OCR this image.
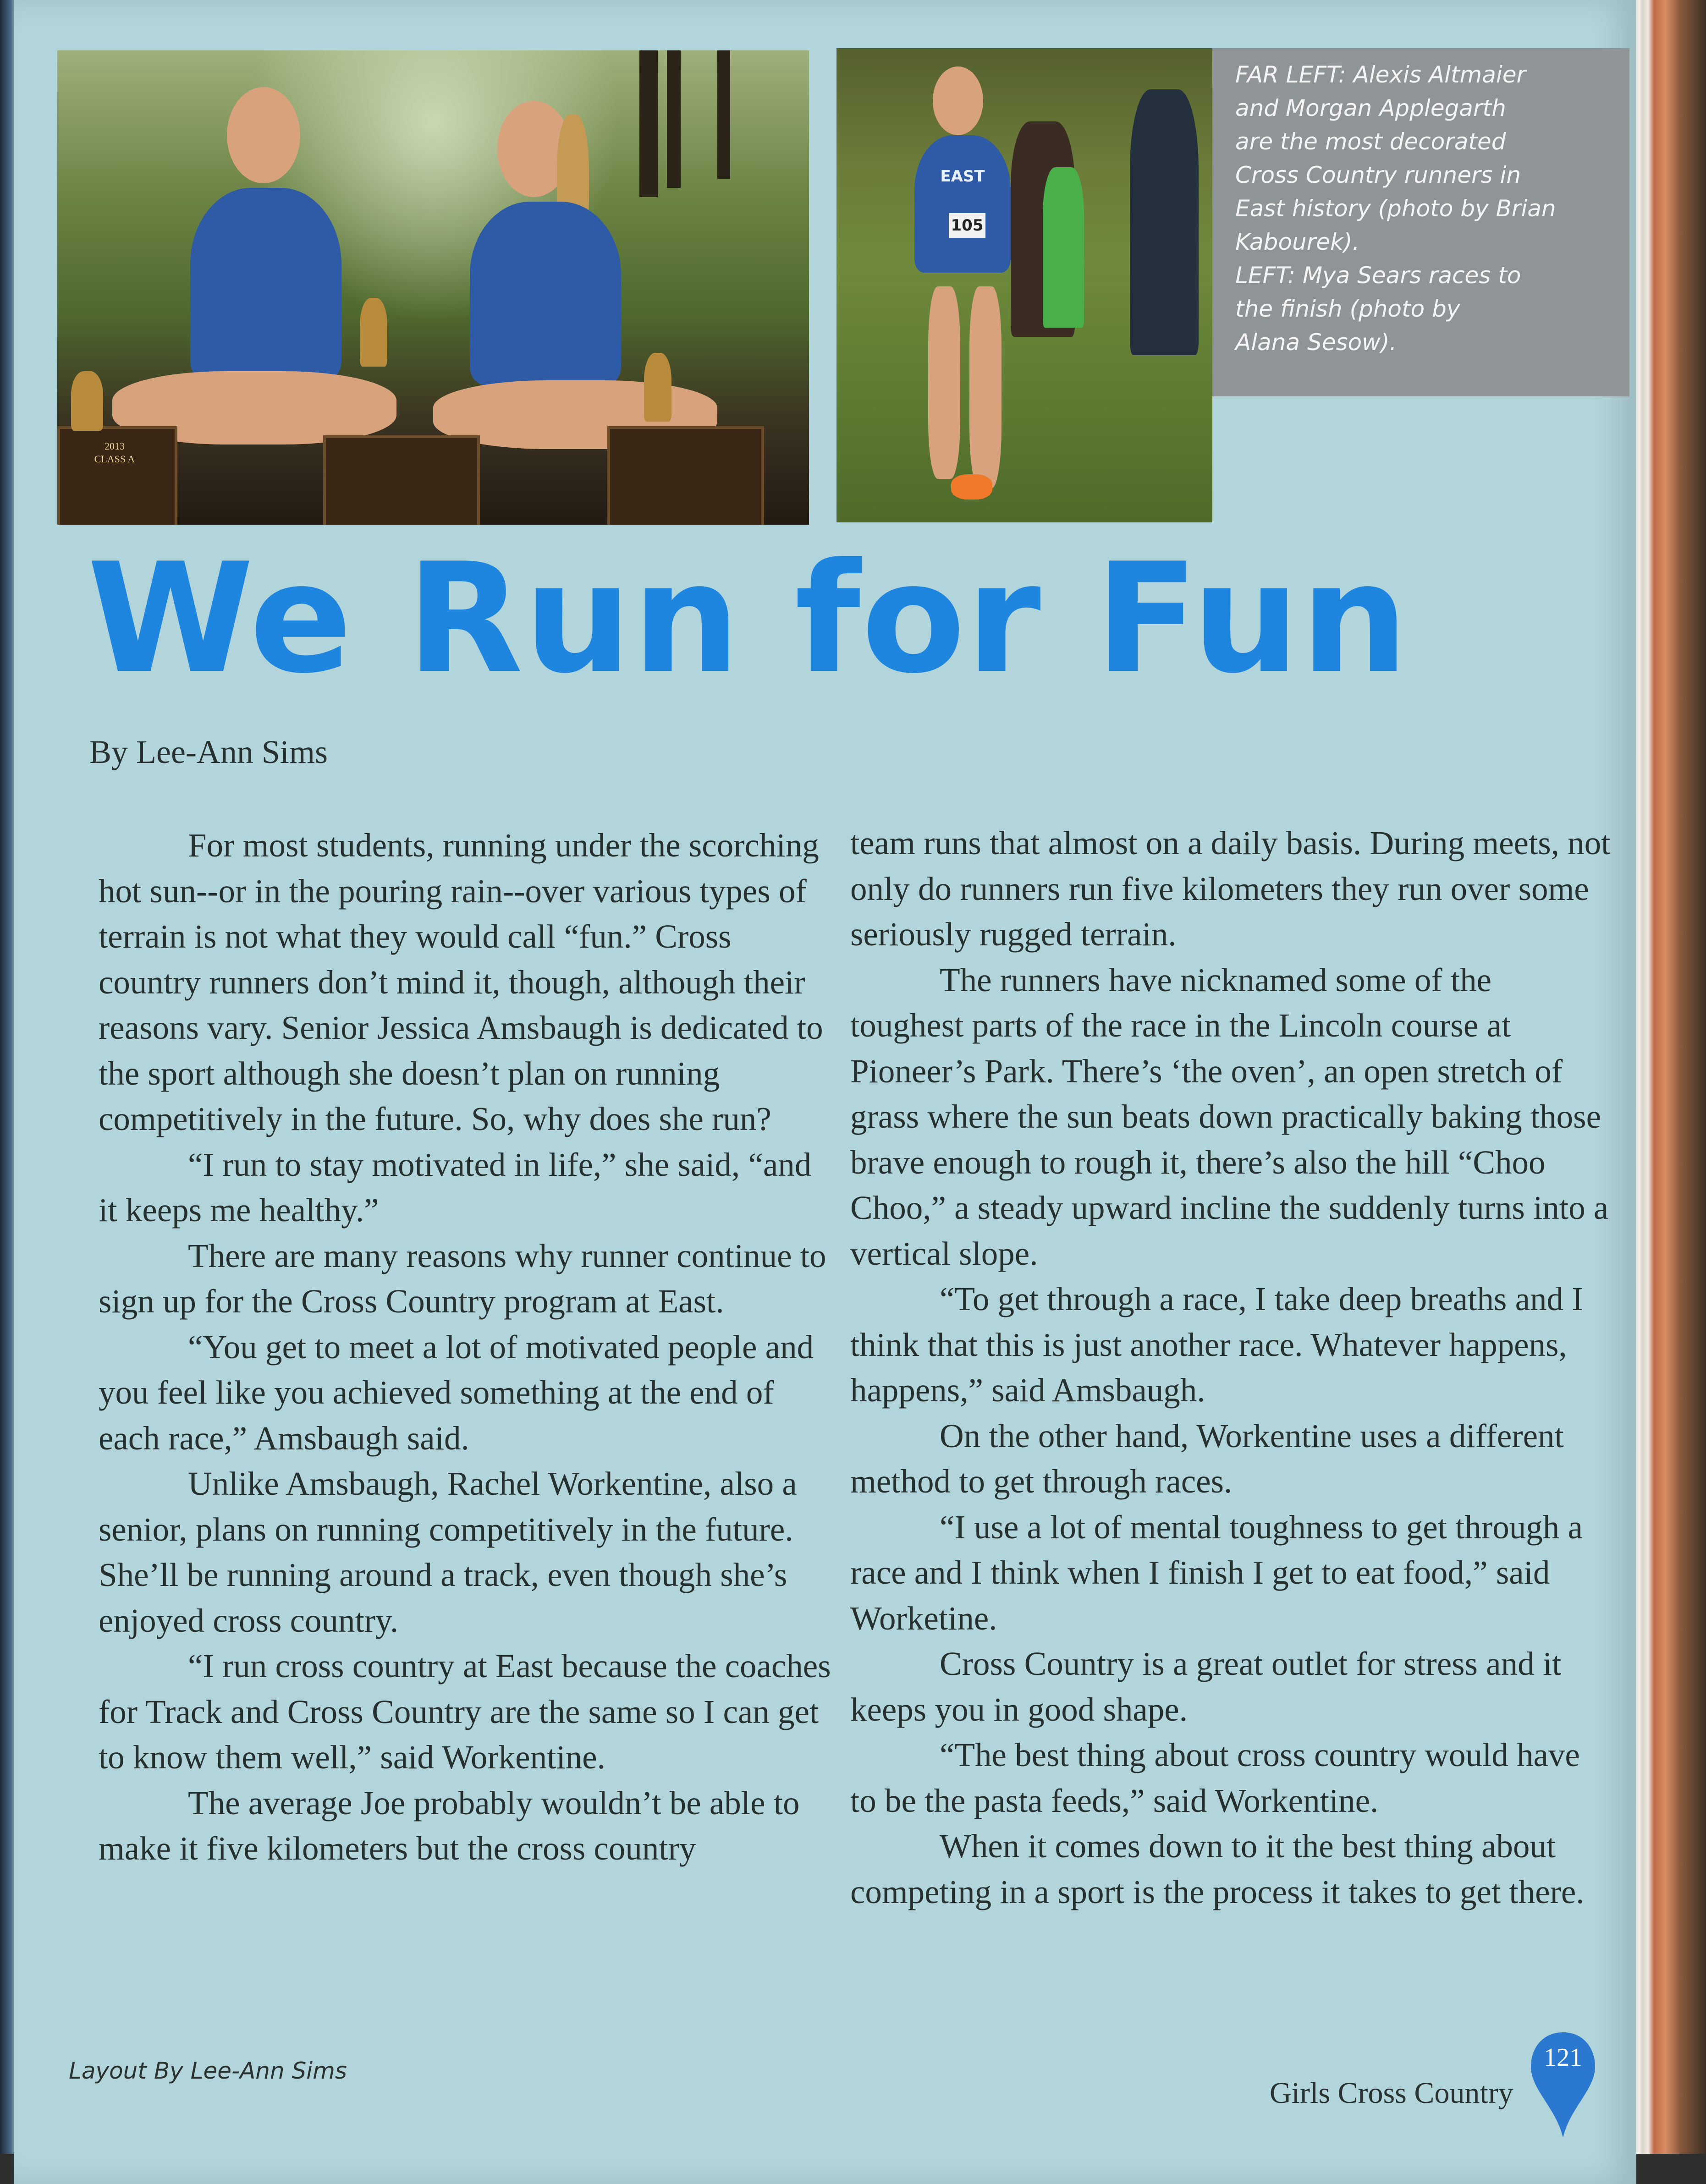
2013
CLASS A
EAST
105

FAR LEFT: Alexis Altmaier
and Morgan Applegarth
are the most decorated
Cross Country runners in
East history (photo by Brian
Kabourek).
LEFT: Mya Sears races to
the finish (photo by
Alana Sesow).

We Run for Fun

By Lee-Ann Sims

For most students, running under the scorching hot sun--or in the pouring rain--over various types of terrain is not what they would call “fun.” Cross country runners don’t mind it, though, although their reasons vary. Senior Jessica Amsbaugh is dedicated to the sport although she doesn’t plan on running competitively in the future. So, why does she run?

“I run to stay motivated in life,” she said, “and it keeps me healthy.”

There are many reasons why runner continue to sign up for the Cross Country program at East.

“You get to meet a lot of motivated people and you feel like you achieved something at the end of each race,” Amsbaugh said.

Unlike Amsbaugh, Rachel Workentine, also a senior, plans on running competitively in the future. She’ll be running around a track, even though she’s enjoyed cross country.

“I run cross country at East because the coaches for Track and Cross Country are the same so I can get to know them well,” said Workentine.

The average Joe probably wouldn’t be able to make it five kilometers but the cross country

team runs that almost on a daily basis. During meets, not only do runners run five kilometers they run over some seriously rugged terrain.

The runners have nicknamed some of the toughest parts of the race in the Lincoln course at Pioneer’s Park. There’s ‘the oven’, an open stretch of grass where the sun beats down practically baking those brave enough to rough it, there’s also the hill “Choo Choo,” a steady upward incline the suddenly turns into a vertical slope.

“To get through a race, I take deep breaths and I think that this is just another race. Whatever happens, happens,” said Amsbaugh.

On the other hand, Workentine uses a different method to get through races.

“I use a lot of mental toughness to get through a race and I think when I finish I get to eat food,” said Worketine.

Cross Country is a great outlet for stress and it keeps you in good shape.

“The best thing about cross country would have to be the pasta feeds,” said Workentine.

When it comes down to it the best thing about competing in a sport is the process it takes to get there.

Layout By Lee-Ann Sims

Girls Cross Country

121
